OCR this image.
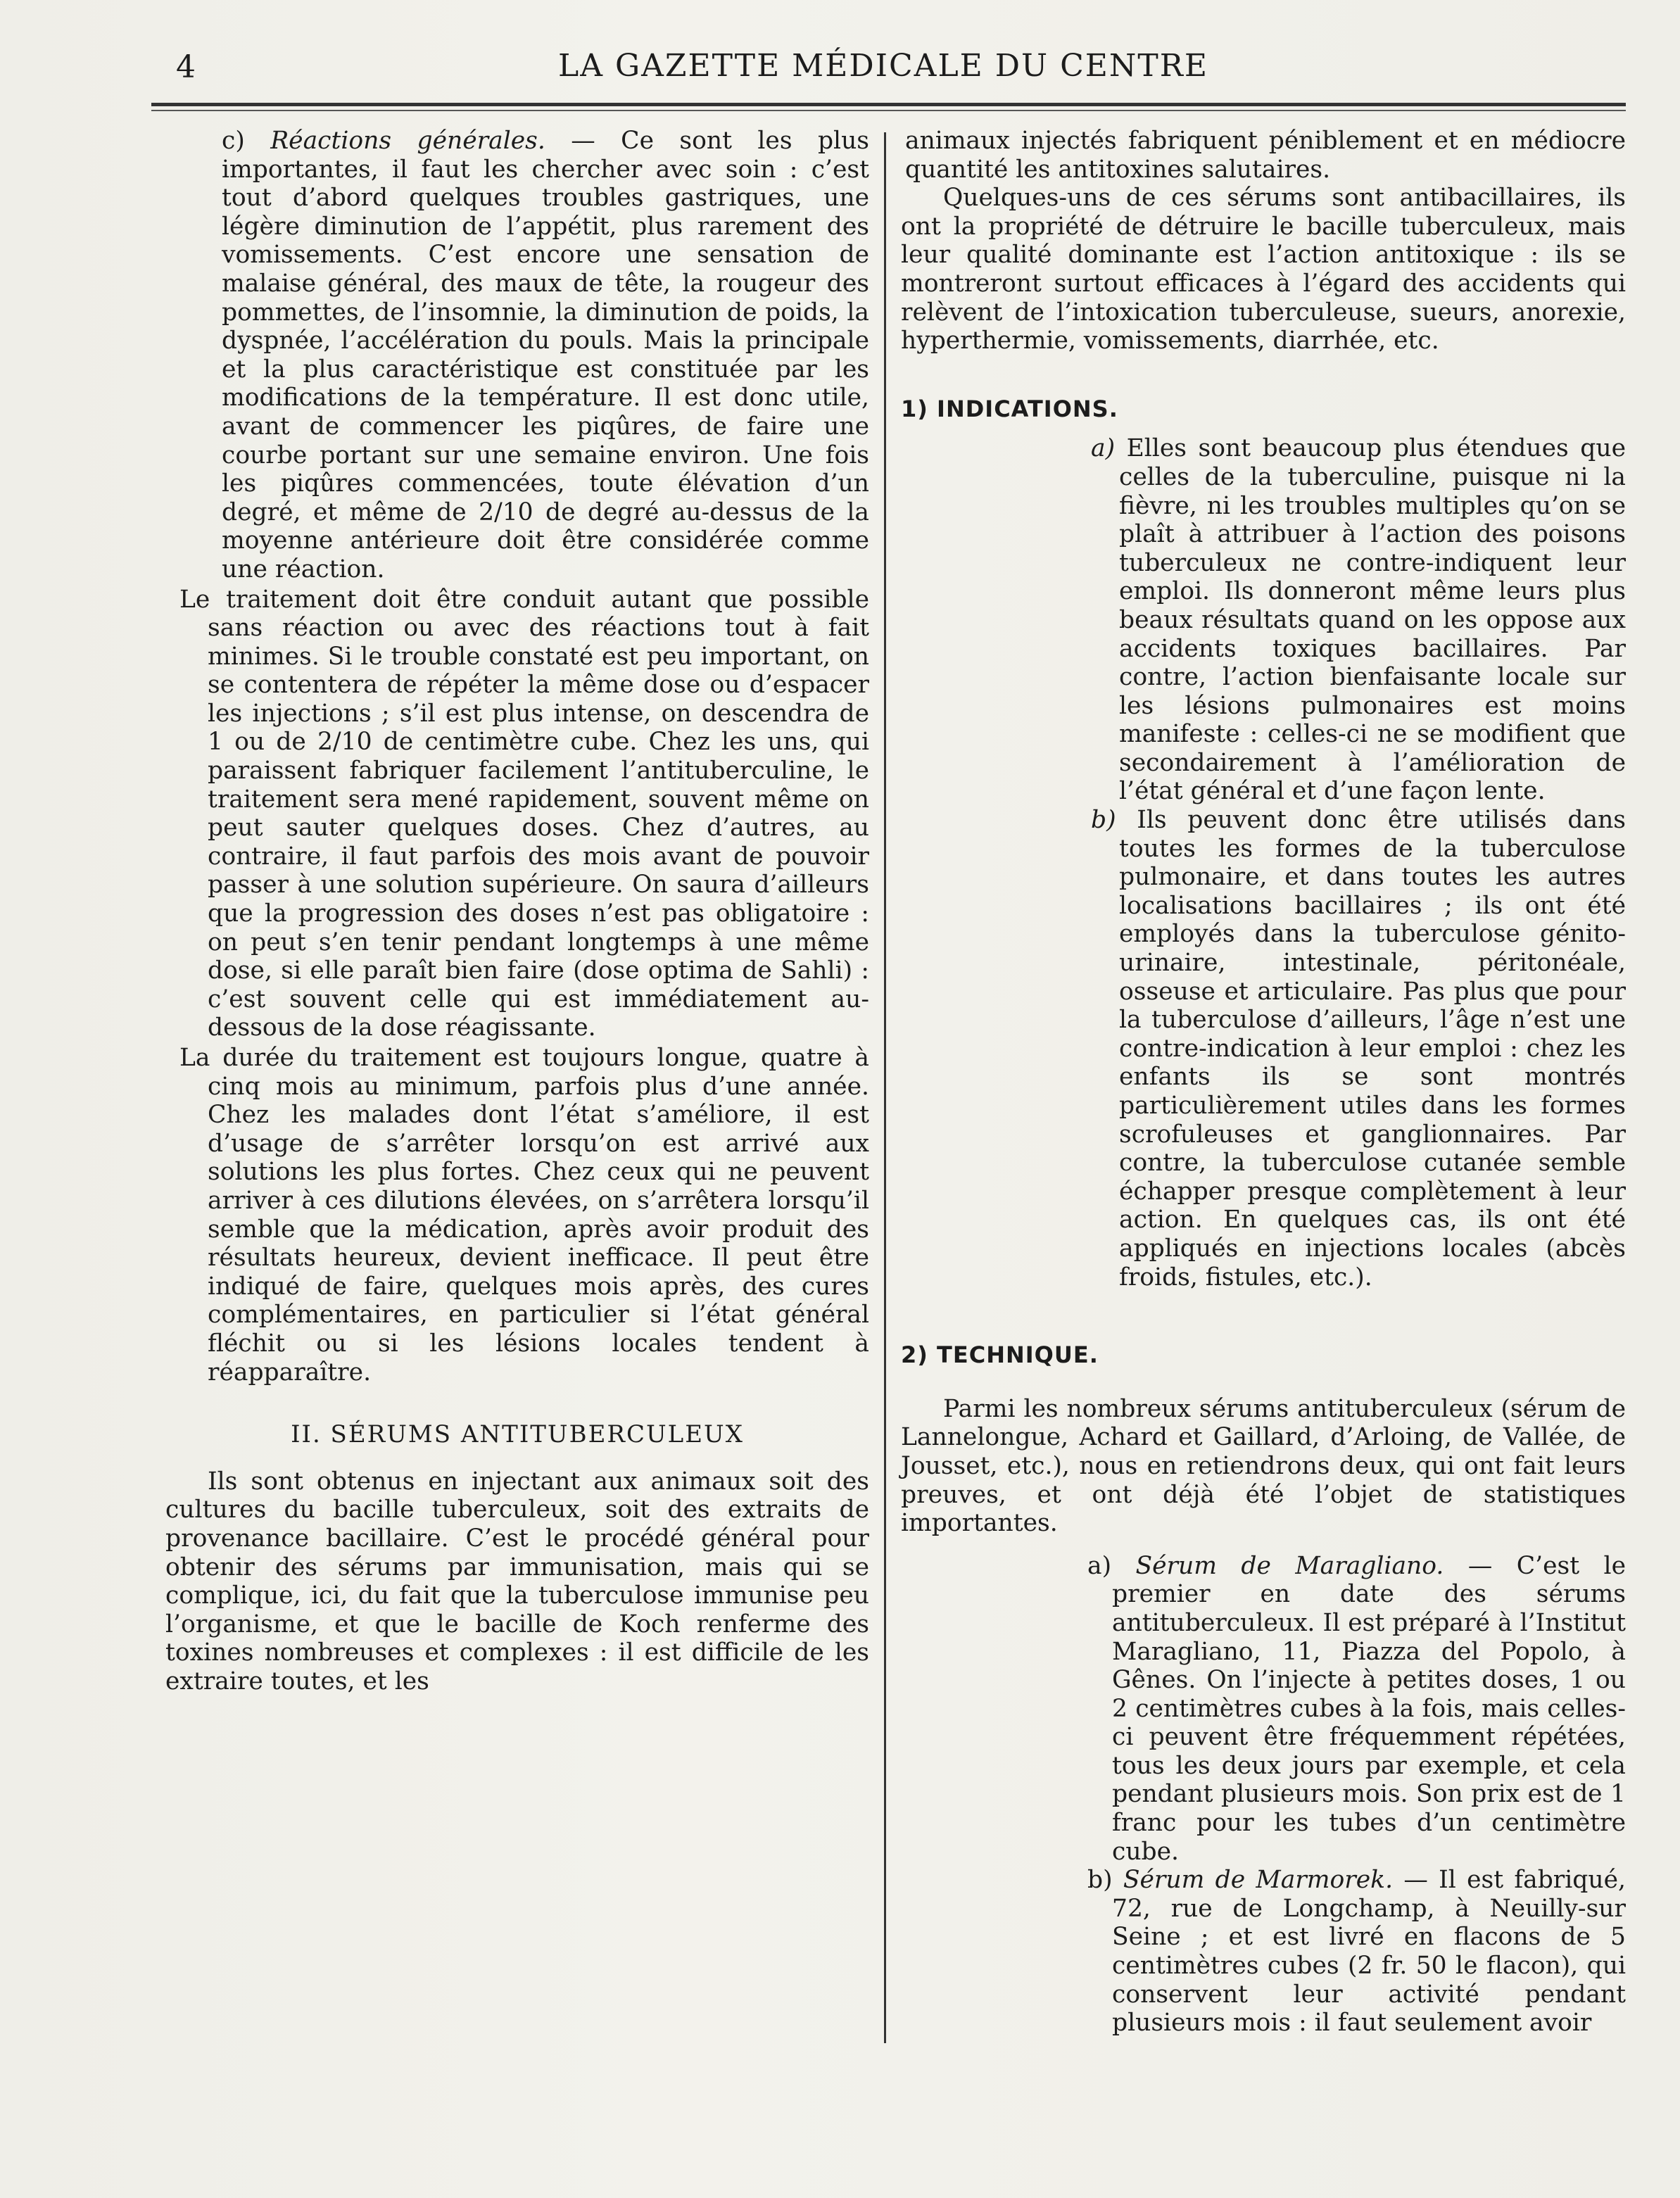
4	LA GAZETTE MÉDICALE DU CENTRE

c) Réactions générales. — Ce sont les plus importantes, il faut les chercher avec soin : c’est tout d’abord quelques troubles gastriques, une légère diminution de l’appétit, plus rarement des vomissements. C’est encore une sensation de malaise général, des maux de tête, la rougeur des pommettes, de l’insomnie, la diminution de poids, la dyspnée, l’accélération du pouls. Mais la principale et la plus caractéristique est constituée par les modifications de la température. Il est donc utile, avant de commencer les piqûres, de faire une courbe portant sur une semaine environ. Une fois les piqûres commencées, toute élévation d’un degré, et même de 2/10 de degré au-dessus de la moyenne antérieure doit être considérée comme une réaction.

Le traitement doit être conduit autant que possible sans réaction ou avec des réactions tout à fait minimes. Si le trouble constaté est peu important, on se contentera de répéter la même dose ou d’espacer les injections ; s’il est plus intense, on descendra de 1 ou de 2/10 de centimètre cube. Chez les uns, qui paraissent fabriquer facilement l’antituberculine, le traitement sera mené rapidement, souvent même on peut sauter quelques doses. Chez d’autres, au contraire, il faut parfois des mois avant de pouvoir passer à une solution supérieure. On saura d’ailleurs que la progression des doses n’est pas obligatoire : on peut s’en tenir pendant longtemps à une même dose, si elle paraît bien faire (dose optima de Sahli) : c’est souvent celle qui est immédiatement au-dessous de la dose réagissante.

La durée du traitement est toujours longue, quatre à cinq mois au minimum, parfois plus d’une année. Chez les malades dont l’état s’améliore, il est d’usage de s’arrêter lorsqu’on est arrivé aux solutions les plus fortes. Chez ceux qui ne peuvent arriver à ces dilutions élevées, on s’arrêtera lorsqu’il semble que la médication, après avoir produit des résultats heureux, devient inefficace. Il peut être indiqué de faire, quelques mois après, des cures complémentaires, en particulier si l’état général fléchit ou si les lésions locales tendent à réapparaître.

II. SÉRUMS ANTITUBERCULEUX

Ils sont obtenus en injectant aux animaux soit des cultures du bacille tuberculeux, soit des extraits de provenance bacillaire. C’est le procédé général pour obtenir des sérums par immunisation, mais qui se complique, ici, du fait que la tuberculose immunise peu l’organisme, et que le bacille de Koch renferme des toxines nombreuses et complexes : il est difficile de les extraire toutes, et les

animaux injectés fabriquent péniblement et en médiocre quantité les antitoxines salutaires.

Quelques-uns de ces sérums sont antibacillaires, ils ont la propriété de détruire le bacille tuberculeux, mais leur qualité dominante est l’action antitoxique : ils se montreront surtout efficaces à l’égard des accidents qui relèvent de l’intoxication tuberculeuse, sueurs, anorexie, hyperthermie, vomissements, diarrhée, etc.

1) INDICATIONS.

a) Elles sont beaucoup plus étendues que celles de la tuberculine, puisque ni la fièvre, ni les troubles multiples qu’on se plaît à attribuer à l’action des poisons tuberculeux ne contre-indiquent leur emploi. Ils donneront même leurs plus beaux résultats quand on les oppose aux accidents toxiques bacillaires. Par contre, l’action bienfaisante locale sur les lésions pulmonaires est moins manifeste : celles-ci ne se modifient que secondairement à l’amélioration de l’état général et d’une façon lente.

b) Ils peuvent donc être utilisés dans toutes les formes de la tuberculose pulmonaire, et dans toutes les autres localisations bacillaires ; ils ont été employés dans la tuberculose génito-urinaire, intestinale, péritonéale, osseuse et articulaire. Pas plus que pour la tuberculose d’ailleurs, l’âge n’est une contre-indication à leur emploi : chez les enfants ils se sont montrés particulièrement utiles dans les formes scrofuleuses et ganglionnaires. Par contre, la tuberculose cutanée semble échapper presque complètement à leur action. En quelques cas, ils ont été appliqués en injections locales (abcès froids, fistules, etc.).

2) TECHNIQUE.

Parmi les nombreux sérums antituberculeux (sérum de Lannelongue, Achard et Gaillard, d’Arloing, de Vallée, de Jousset, etc.), nous en retiendrons deux, qui ont fait leurs preuves, et ont déjà été l’objet de statistiques importantes.

a) Sérum de Maragliano. — C’est le premier en date des sérums antituberculeux. Il est préparé à l’Institut Maragliano, 11, Piazza del Popolo, à Gênes. On l’injecte à petites doses, 1 ou 2 centimètres cubes à la fois, mais celles-ci peuvent être fréquemment répétées, tous les deux jours par exemple, et cela pendant plusieurs mois. Son prix est de 1 franc pour les tubes d’un centimètre cube.

b) Sérum de Marmorek. — Il est fabriqué, 72, rue de Longchamp, à Neuilly-sur Seine ; et est livré en flacons de 5 centimètres cubes (2 fr. 50 le flacon), qui conservent leur activité pendant plusieurs mois : il faut seulement avoir
